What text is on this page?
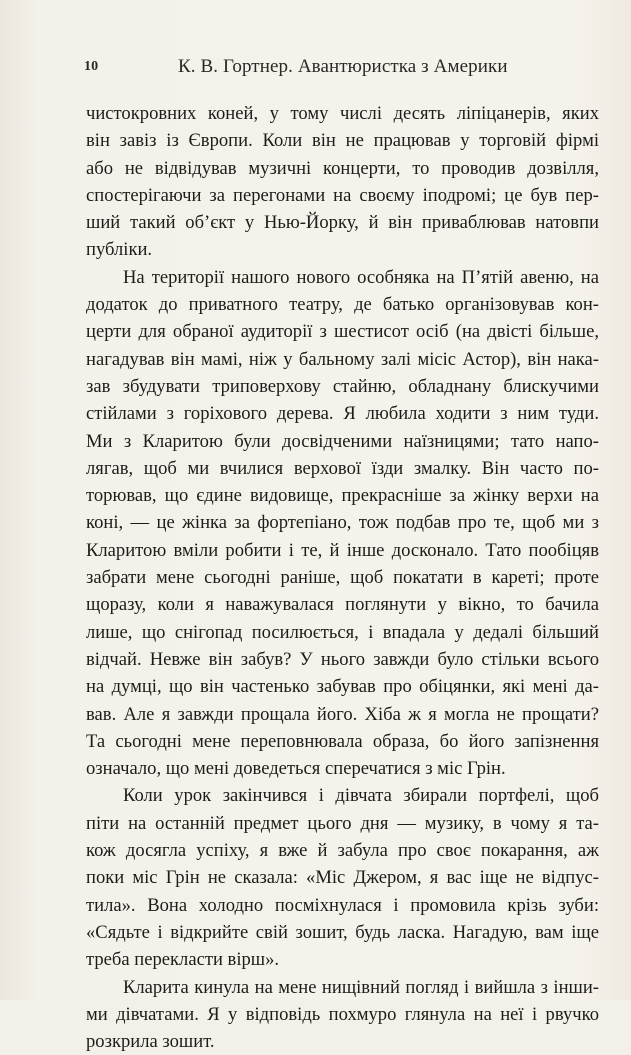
10	К. В. Гортнер. Авантюристка з Америки

чистокровних коней, у тому числі десять ліпіцанерів, яких
він завіз із Європи. Коли він не працював у торговій фірмі
або не відвідував музичні концерти, то проводив дозвілля,
спостерігаючи за перегонами на своєму іподромі; це був пер-
ший такий об’єкт у Нью-Йорку, й він приваблював натовпи
публіки.

На території нашого нового особняка на П’ятій авеню, на
додаток до приватного театру, де батько організовував кон-
церти для обраної аудиторії з шестисот осіб (на двісті більше,
нагадував він мамі, ніж у бальному залі місіс Астор), він нака-
зав збудувати триповерхову стайню, обладнану блискучими
стійлами з горіхового дерева. Я любила ходити з ним туди.
Ми з Кларитою були досвідченими наїзницями; тато напо-
лягав, щоб ми вчилися верхової їзди змалку. Він часто по-
торював, що єдине видовище, прекрасніше за жінку верхи на
коні, — це жінка за фортепіано, тож подбав про те, щоб ми з
Кларитою вміли робити і те, й інше досконало. Тато пообіцяв
забрати мене сьогодні раніше, щоб покатати в кареті; проте
щоразу, коли я наважувалася поглянути у вікно, то бачила
лише, що снігопад посилюється, і впадала у дедалі більший
відчай. Невже він забув? У нього завжди було стільки всього
на думці, що він частенько забував про обіцянки, які мені да-
вав. Але я завжди прощала його. Хіба ж я могла не прощати?
Та сьогодні мене переповнювала образа, бо його запізнення
означало, що мені доведеться сперечатися з міс Грін.

Коли урок закінчився і дівчата збирали портфелі, щоб
піти на останній предмет цього дня — музику, в чому я та-
кож досягла успіху, я вже й забула про своє покарання, аж
поки міс Грін не сказала: «Міс Джером, я вас іще не відпус-
тила». Вона холодно посміхнулася і промовила крізь зуби:
«Сядьте і відкрийте свій зошит, будь ласка. Нагадую, вам іще
треба перекласти вірш».

Кларита кинула на мене нищівний погляд і вийшла з інши-
ми дівчатами. Я у відповідь похмуро глянула на неї і рвучко
розкрила зошит.
